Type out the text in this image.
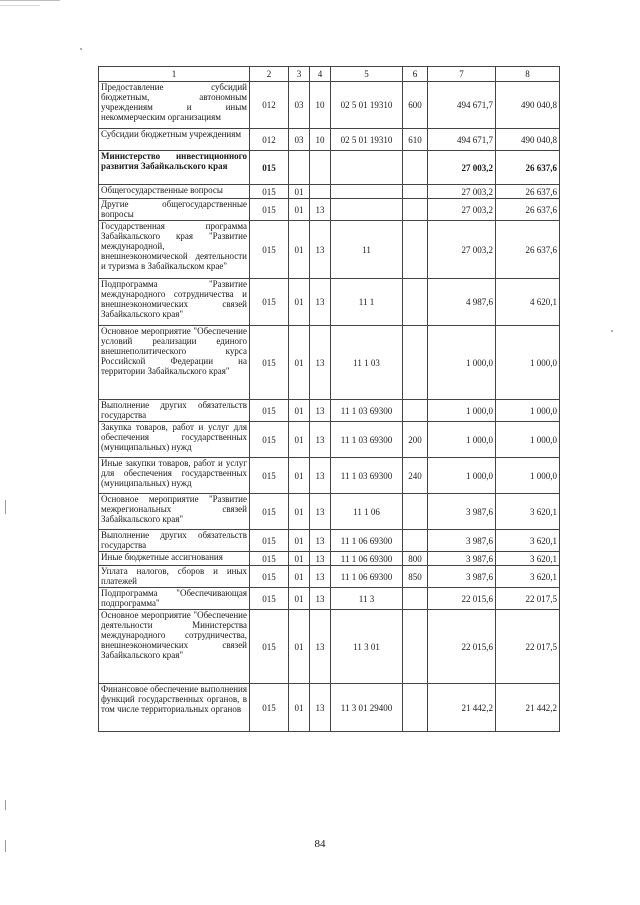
1	2	3	4	5	6	7	8
Предоставление субсидий бюджетным, автономным учреждениям и иным некоммерческим организациям	012	03	10	02 5 01 19310	600	494 671,7	490 040,8
Субсидии бюджетным учреждениям	012	03	10	02 5 01 19310	610	494 671,7	490 040,8
Министерство инвестиционного развития Забайкальского края	015					27 003,2	26 637,6
Общегосударственные вопросы	015	01				27 003,2	26 637,6
Другие общегосударственные вопросы	015	01	13			27 003,2	26 637,6
Государственная программа Забайкальского края "Развитие международной, внешнеэкономической деятельности и туризма в Забайкальском крае"	015	01	13	11		27 003,2	26 637,6
Подпрограмма "Развитие международного сотрудничества и внешнеэкономических связей Забайкальского края"	015	01	13	11 1		4 987,6	4 620,1
Основное мероприятие "Обеспечение условий реализации единого внешнеполитического курса Российской Федерации на территории Забайкальского края"	015	01	13	11 1 03		1 000,0	1 000,0
Выполнение других обязательств государства	015	01	13	11 1 03 69300		1 000,0	1 000,0
Закупка товаров, работ и услуг для обеспечения государственных (муниципальных) нужд	015	01	13	11 1 03 69300	200	1 000,0	1 000,0
Иные закупки товаров, работ и услуг для обеспечения государственных (муниципальных) нужд	015	01	13	11 1 03 69300	240	1 000,0	1 000,0
Основное мероприятие "Развитие межрегиональных связей Забайкальского края"	015	01	13	11 1 06		3 987,6	3 620,1
Выполнение других обязательств государства	015	01	13	11 1 06 69300		3 987,6	3 620,1
Иные бюджетные ассигнования	015	01	13	11 1 06 69300	800	3 987,6	3 620,1
Уплата налогов, сборов и иных платежей	015	01	13	11 1 06 69300	850	3 987,6	3 620,1
Подпрограмма "Обеспечивающая подпрограмма"	015	01	13	11 3		22 015,6	22 017,5
Основное мероприятие "Обеспечение деятельности Министерства международного сотрудничества, внешнеэкономических связей Забайкальского края"	015	01	13	11 3 01		22 015,6	22 017,5
Финансовое обеспечение выполнения функций государственных органов, в том числе территориальных органов	015	01	13	11 3 01 29400		21 442,2	21 442,2
84
